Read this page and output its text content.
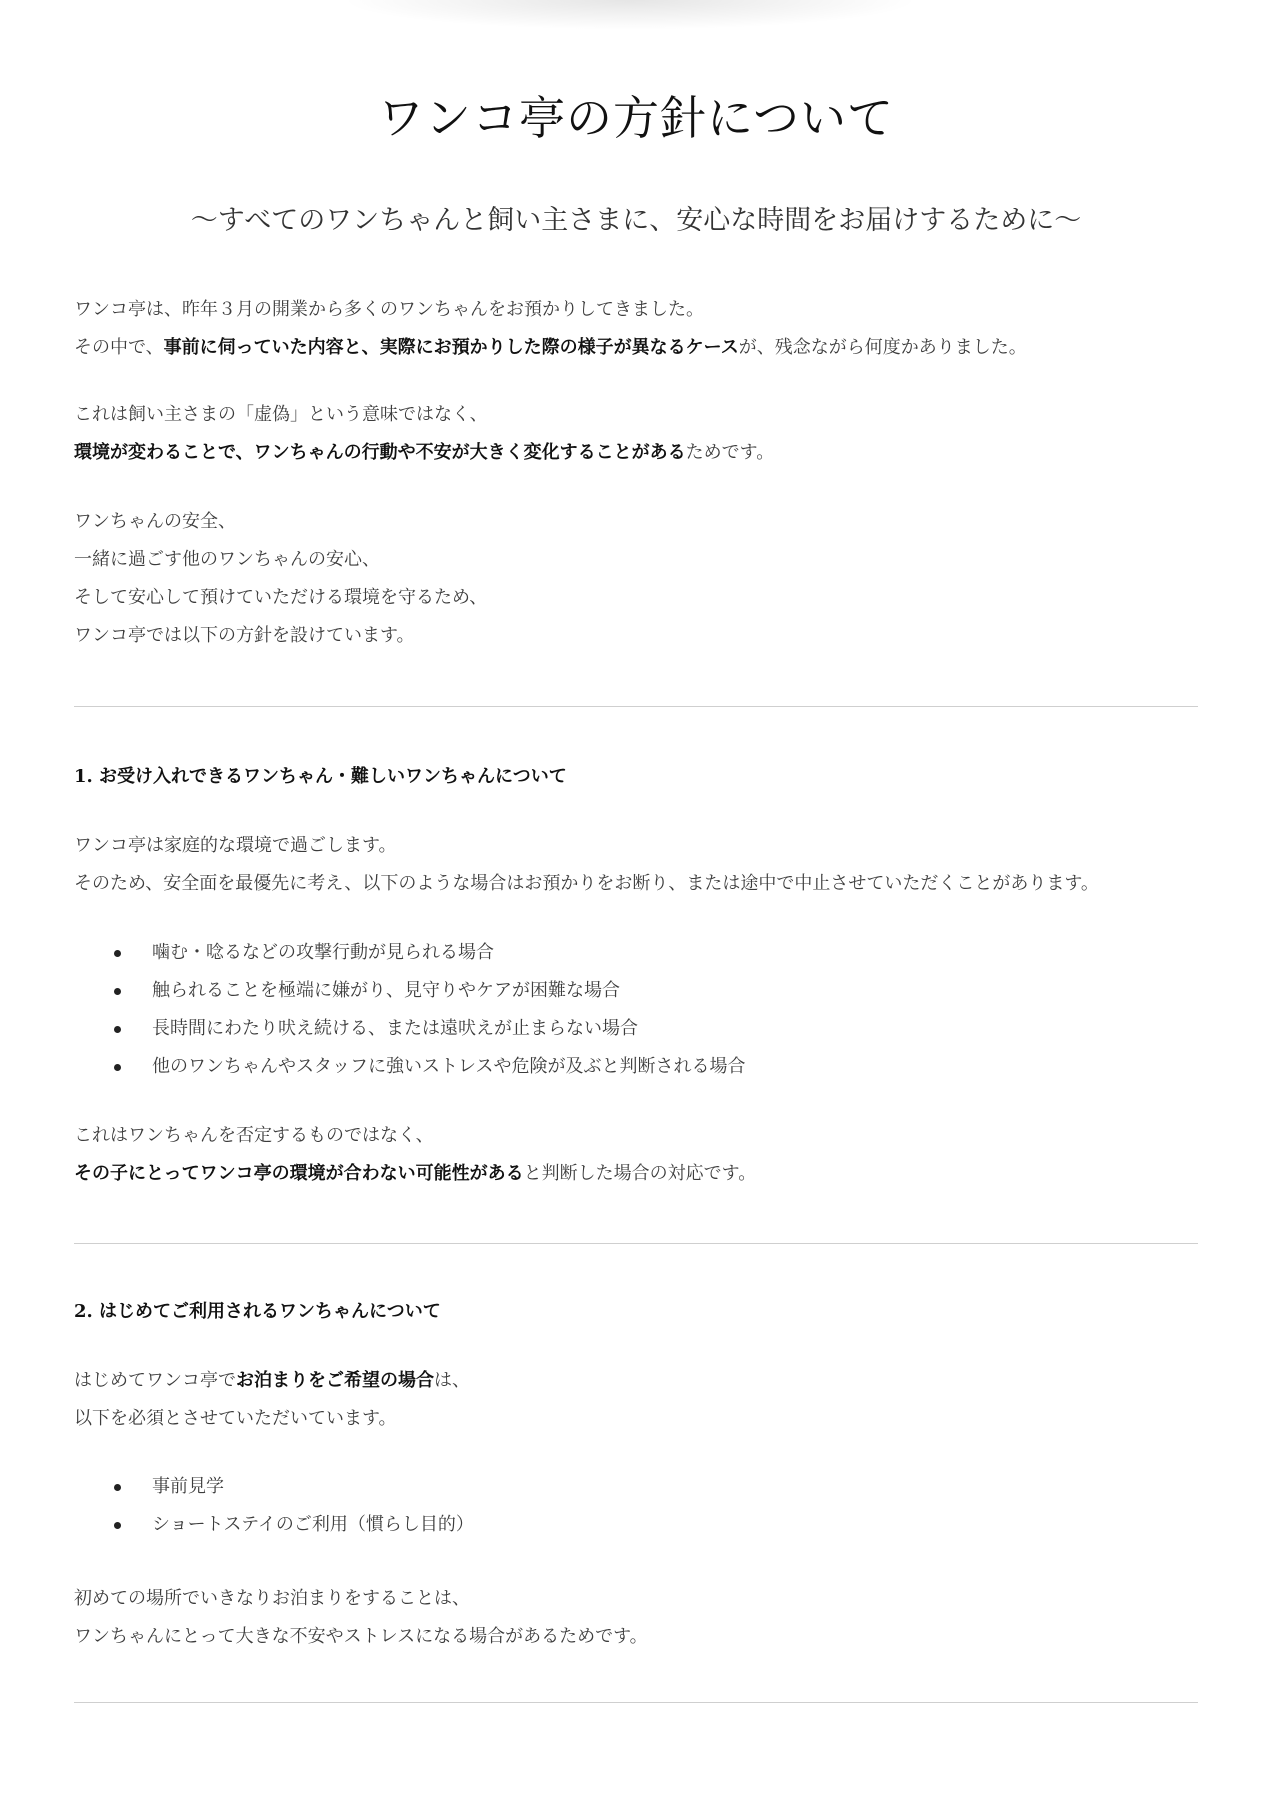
ワンコ亭の方針について
〜すべてのワンちゃんと飼い主さまに、安心な時間をお届けするために〜
ワンコ亭は、昨年３月の開業から多くのワンちゃんをお預かりしてきました。
その中で、事前に伺っていた内容と、実際にお預かりした際の様子が異なるケースが、残念ながら何度かありました。
これは飼い主さまの「虚偽」という意味ではなく、
環境が変わることで、ワンちゃんの行動や不安が大きく変化することがあるためです。
ワンちゃんの安全、
一緒に過ごす他のワンちゃんの安心、
そして安心して預けていただける環境を守るため、
ワンコ亭では以下の方針を設けています。
1. お受け入れできるワンちゃん・難しいワンちゃんについて
ワンコ亭は家庭的な環境で過ごします。
そのため、安全面を最優先に考え、以下のような場合はお預かりをお断り、または途中で中止させていただくことがあります。
噛む・唸るなどの攻撃行動が見られる場合
触られることを極端に嫌がり、見守りやケアが困難な場合
長時間にわたり吠え続ける、または遠吠えが止まらない場合
他のワンちゃんやスタッフに強いストレスや危険が及ぶと判断される場合
これはワンちゃんを否定するものではなく、
その子にとってワンコ亭の環境が合わない可能性があると判断した場合の対応です。
2. はじめてご利用されるワンちゃんについて
はじめてワンコ亭でお泊まりをご希望の場合は、
以下を必須とさせていただいています。
事前見学
ショートステイのご利用（慣らし目的）
初めての場所でいきなりお泊まりをすることは、
ワンちゃんにとって大きな不安やストレスになる場合があるためです。
